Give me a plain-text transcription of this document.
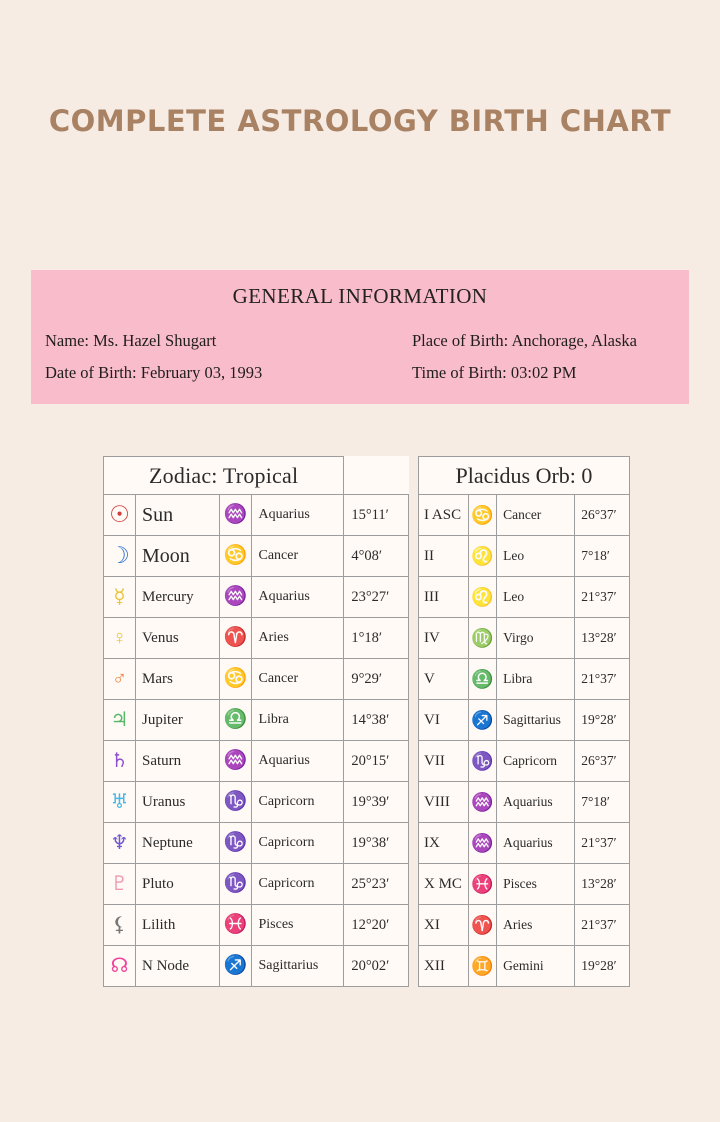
COMPLETE ASTROLOGY BIRTH CHART
GENERAL INFORMATION
Name: Ms. Hazel Shugart	Place of Birth: Anchorage, Alaska
Date of Birth: February 03, 1993	Time of Birth: 03:02 PM
Zodiac: Tropical				
☉	Sun	♒	Aquarius	15°11′
☽	Moon	♋	Cancer	4°08′
☿	Mercury	♒	Aquarius	23°27′
♀	Venus	♈	Aries	1°18′
♂	Mars	♋	Cancer	9°29′
♃	Jupiter	♎	Libra	14°38′
♄	Saturn	♒	Aquarius	20°15′
♅	Uranus	♑	Capricorn	19°39′
♆	Neptune	♑	Capricorn	19°38′
♇	Pluto	♑	Capricorn	25°23′
⚸	Lilith	♓	Pisces	12°20′
☊	N Node	♐	Sagittarius	20°02′
Placidus Orb: 0			
I ASC	♋	Cancer	26°37′
II	♌	Leo	7°18′
III	♌	Leo	21°37′
IV	♍	Virgo	13°28′
V	♎	Libra	21°37′
VI	♐	Sagittarius	19°28′
VII	♑	Capricorn	26°37′
VIII	♒	Aquarius	7°18′
IX	♒	Aquarius	21°37′
X MC	♓	Pisces	13°28′
XI	♈	Aries	21°37′
XII	♊	Gemini	19°28′
